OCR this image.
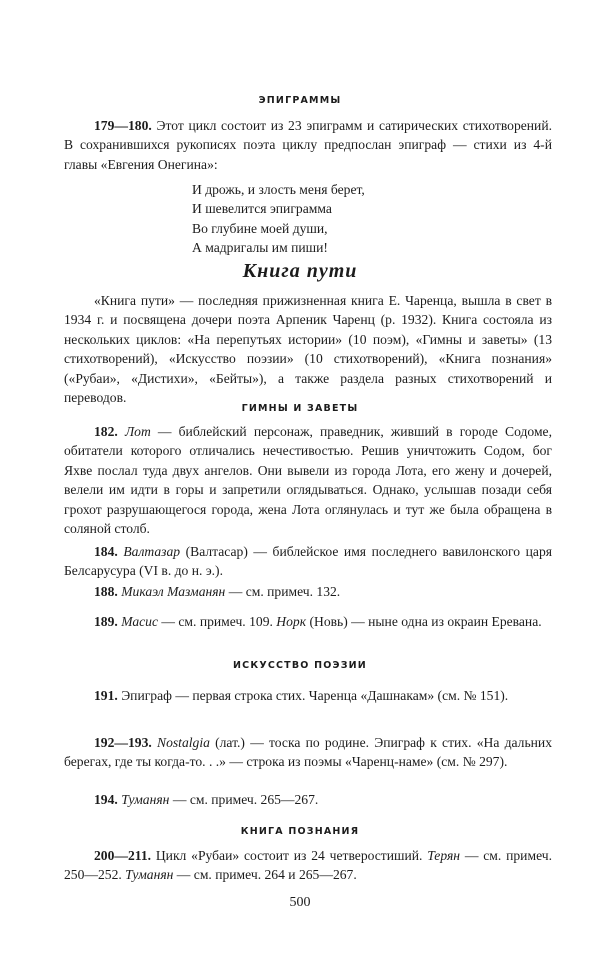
ЭПИГРАММЫ
179—180. Этот цикл состоит из 23 эпиграмм и сатирических стихотворений. В сохранившихся рукописях поэта циклу предпослан эпиграф — стихи из 4-й главы «Евгения Онегина»:
И дрожь, и злость меня берет,
И шевелится эпиграмма
Во глубине моей души,
А мадригалы им пиши!
Книга пути
«Книга пути» — последняя прижизненная книга Е. Чаренца, вышла в свет в 1934 г. и посвящена дочери поэта Арпеник Чаренц (р. 1932). Книга состояла из нескольких циклов: «На перепутьях истории» (10 поэм), «Гимны и заветы» (13 стихотворений), «Искусство поэзии» (10 стихотворений), «Книга познания» («Рубаи», «Дистихи», «Бейты»), а также раздела разных стихотворений и переводов.
ГИМНЫ И ЗАВЕТЫ
182. Лот — библейский персонаж, праведник, живший в городе Содоме, обитатели которого отличались нечестивостью. Решив уничтожить Содом, бог Яхве послал туда двух ангелов. Они вывели из города Лота, его жену и дочерей, велели им идти в горы и запретили оглядываться. Однако, услышав позади себя грохот разрушающегося города, жена Лота оглянулась и тут же была обращена в соляной столб.
184. Валтазар (Валтасар) — библейское имя последнего вавилонского царя Белсарусура (VI в. до н. э.).
188. Микаэл Мазманян — см. примеч. 132.
189. Масис — см. примеч. 109. Норк (Новь) — ныне одна из окраин Еревана.
ИСКУССТВО ПОЭЗИИ
191. Эпиграф — первая строка стих. Чаренца «Дашнакам» (см. № 151).
192—193. Nostalgia (лат.) — тоска по родине. Эпиграф к стих. «На дальних берегах, где ты когда-то. . .» — строка из поэмы «Чаренц-наме» (см. № 297).
194. Туманян — см. примеч. 265—267.
КНИГА ПОЗНАНИЯ
200—211. Цикл «Рубаи» состоит из 24 четверостиший. Терян — см. примеч. 250—252. Туманян — см. примеч. 264 и 265—267.
500
